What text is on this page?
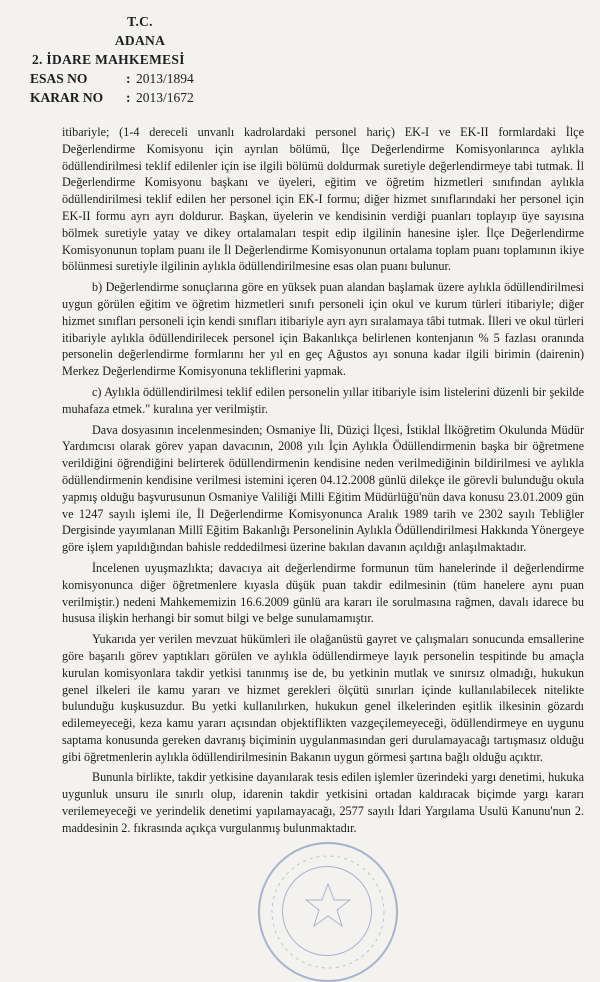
T.C.
ADANA
2. İDARE MAHKEMESİ
ESAS NO	: 2013/1894
KARAR NO	: 2013/1672

itibariyle; (1-4 dereceli unvanlı kadrolardaki personel hariç) EK-I ve EK-II formlardaki İlçe Değerlendirme Komisyonu için ayrılan bölümü, İlçe Değerlendirme Komisyonlarınca aylıkla ödüllendirilmesi teklif edilenler için ise ilgili bölümü doldurmak suretiyle değerlendirmeye tabi tutmak. İl Değerlendirme Komisyonu başkanı ve üyeleri, eğitim ve öğretim hizmetleri sınıfından aylıkla ödüllendirilmesi teklif edilen her personel için EK-I formu; diğer hizmet sınıflarındaki her personel için EK-II formu ayrı ayrı doldurur. Başkan, üyelerin ve kendisinin verdiği puanları toplayıp üye sayısına bölmek suretiyle yatay ve dikey ortalamaları tespit edip ilgilinin hanesine işler. İlçe Değerlendirme Komisyonunun toplam puanı ile İl Değerlendirme Komisyonunun ortalama toplam puanı toplamının ikiye bölünmesi suretiyle ilgilinin aylıkla ödüllendirilmesine esas olan puanı bulunur.

b) Değerlendirme sonuçlarına göre en yüksek puan alandan başlamak üzere aylıkla ödüllendirilmesi uygun görülen eğitim ve öğretim hizmetleri sınıfı personeli için okul ve kurum türleri itibariyle; diğer hizmet sınıfları personeli için kendi sınıfları itibariyle ayrı ayrı sıralamaya tâbi tutmak. İlleri ve okul türleri itibariyle aylıkla ödüllendirilecek personel için Bakanlıkça belirlenen kontenjanın % 5 fazlası oranında personelin değerlendirme formlarını her yıl en geç Ağustos ayı sonuna kadar ilgili birimin (dairenin) Merkez Değerlendirme Komisyonuna tekliflerini yapmak.

c) Aylıkla ödüllendirilmesi teklif edilen personelin yıllar itibariyle isim listelerini düzenli bir şekilde muhafaza etmek." kuralına yer verilmiştir.

Dava dosyasının incelenmesinden; Osmaniye İli, Düziçi İlçesi, İstiklal İlköğretim Okulunda Müdür Yardımcısı olarak görev yapan davacının, 2008 yılı İçin Aylıkla Ödüllendirmenin başka bir öğretmene verildiğini öğrendiğini belirterek ödüllendirmenin kendisine neden verilmediğinin bildirilmesi ve aylıkla ödüllendirmenin kendisine verilmesi istemini içeren 04.12.2008 günlü dilekçe ile görevli bulunduğu okula yapmış olduğu başvurusunun Osmaniye Valiliği Milli Eğitim Müdürlüğü'nün dava konusu 23.01.2009 gün ve 1247 sayılı işlemi ile, İl Değerlendirme Komisyonunca Aralık 1989 tarih ve 2302 sayılı Tebliğler Dergisinde yayımlanan Millî Eğitim Bakanlığı Personelinin Aylıkla Ödüllendirilmesi Hakkında Yönergeye göre işlem yapıldığından bahisle reddedilmesi üzerine bakılan davanın açıldığı anlaşılmaktadır.

İncelenen uyuşmazlıkta; davacıya ait değerlendirme formunun tüm hanelerinde il değerlendirme komisyonunca diğer öğretmenlere kıyasla düşük puan takdir edilmesinin (tüm hanelere aynı puan verilmiştir.) nedeni Mahkememizin 16.6.2009 günlü ara kararı ile sorulmasına rağmen, davalı idarece bu hususa ilişkin herhangi bir somut bilgi ve belge sunulamamıştır.

Yukarıda yer verilen mevzuat hükümleri ile olağanüstü gayret ve çalışmaları sonucunda emsallerine göre başarılı görev yaptıkları görülen ve aylıkla ödüllendirmeye layık personelin tespitinde bu amaçla kurulan komisyonlara takdir yetkisi tanınmış ise de, bu yetkinin mutlak ve sınırsız olmadığı, hukukun genel ilkeleri ile kamu yararı ve hizmet gerekleri ölçütü sınırları içinde kullanılabilecek nitelikte bulunduğu kuşkusuzdur. Bu yetki kullanılırken, hukukun genel ilkelerinden eşitlik ilkesinin gözardı edilemeyeceği, keza kamu yararı açısından objektiflikten vazgeçilemeyeceği, ödüllendirmeye en uygunu saptama konusunda gereken davranış biçiminin uygulanmasından geri durulamayacağı tartışmasız olduğu gibi öğretmenlerin aylıkla ödüllendirilmesinin Bakanın uygun görmesi şartına bağlı olduğu açıktır.

Bununla birlikte, takdir yetkisine dayanılarak tesis edilen işlemler üzerindeki yargı denetimi, hukuka uygunluk unsuru ile sınırlı olup, idarenin takdir yetkisini ortadan kaldıracak biçimde yargı kararı verilemeyeceği ve yerindelik denetimi yapılamayacağı, 2577 sayılı İdari Yargılama Usulü Kanunu'nun 2. maddesinin 2. fıkrasında açıkça vurgulanmış bulunmaktadır.
